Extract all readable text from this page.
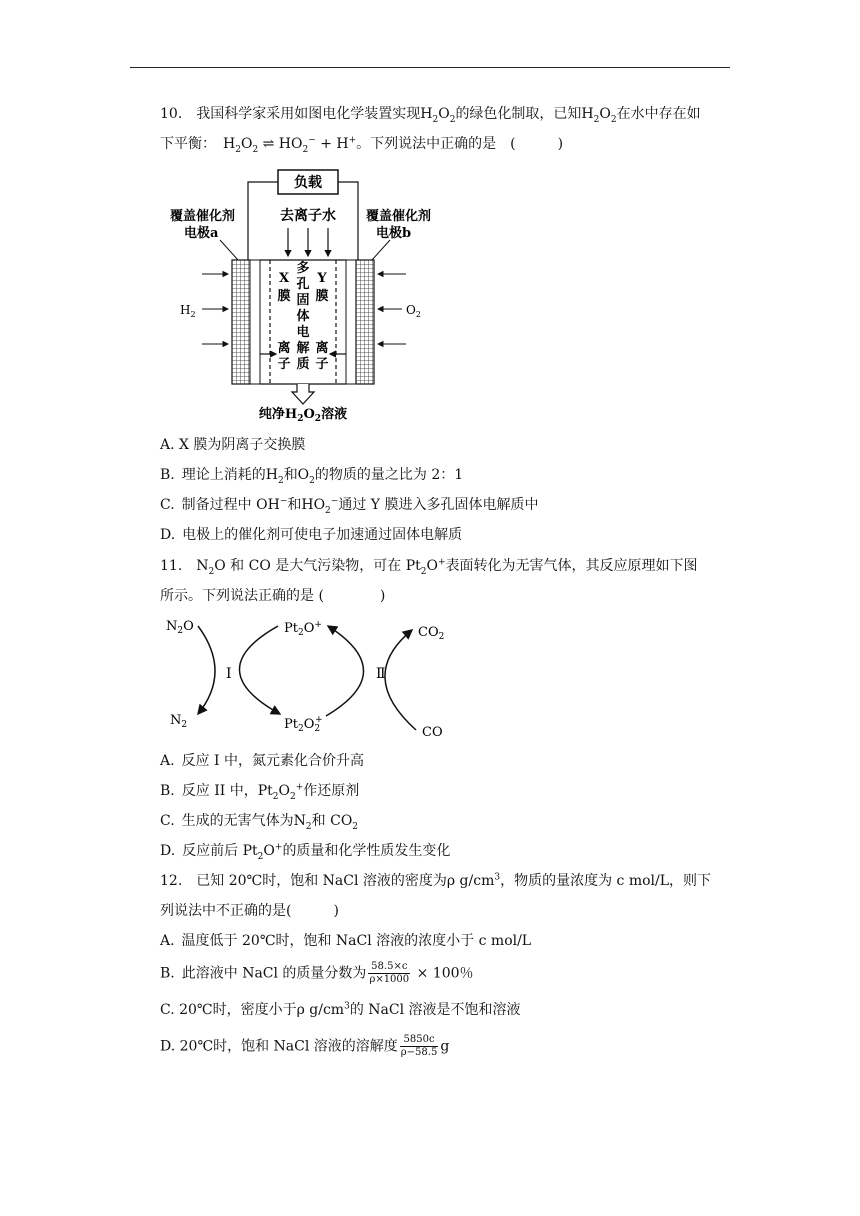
10.　我国科学家采用如图电化学装置实现$H_2O_2$的绿色化制取，已知$H_2O_2$在水中存在如
下平衡：　$H_2O_2$ ⇌ $HO_2^- + H^+$。下列说法中正确的是　(　　　)
负载
覆盖催化剂
电极a
覆盖催化剂
电极b
去离子水
X
膜
Y
膜
多
孔
固
体
电
解
质
离
子
离
子
$H_2$	$O_2$
纯净$H_2O_2$溶液
A. X 膜为阴离子交换膜
B. 理论上消耗的$H_2$和$O_2$的物质的量之比为 2：1
C. 制备过程中 OH−和$HO_2^-$通过 Y 膜进入多孔固体电解质中
D. 电极上的催化剂可使电子加速通过固体电解质
11.　$N_2O$ 和 CO 是大气污染物，可在 $Pt_2O^+$表面转化为无害气体，其反应原理如下图
所示。下列说法正确的是 (　　　　)
$N_2O$
$N_2$
$Pt_2O^+$
$Pt_2O_2+$
$CO_2$
CO
I	Ⅱ
A. 反应 I 中，氮元素化合价升高
B. 反应 II 中，$Pt_2O_2^+$作还原剂
C. 生成的无害气体为$N_2$和 $CO_2$
D. 反应前后 $Pt_2O^+$的质量和化学性质发生变化
12.　已知 20℃时，饱和 NaCl 溶液的密度为ρ $g/cm^3$，物质的量浓度为 c mol/L，则下
列说法中不正确的是(　　　)
A. 温度低于 20℃时，饱和 NaCl 溶液的浓度小于 c mol/L
B. 此溶液中 NaCl 的质量分数为 $\frac{58.5\times c}{\rho\times 1000} \times 100$％
C. 20℃时，密度小于ρ $g/cm^3$的 NaCl 溶液是不饱和溶液
D. 20℃时，饱和 NaCl 溶液的溶解度 $\frac{5850c}{\rho-58.5}$ g
